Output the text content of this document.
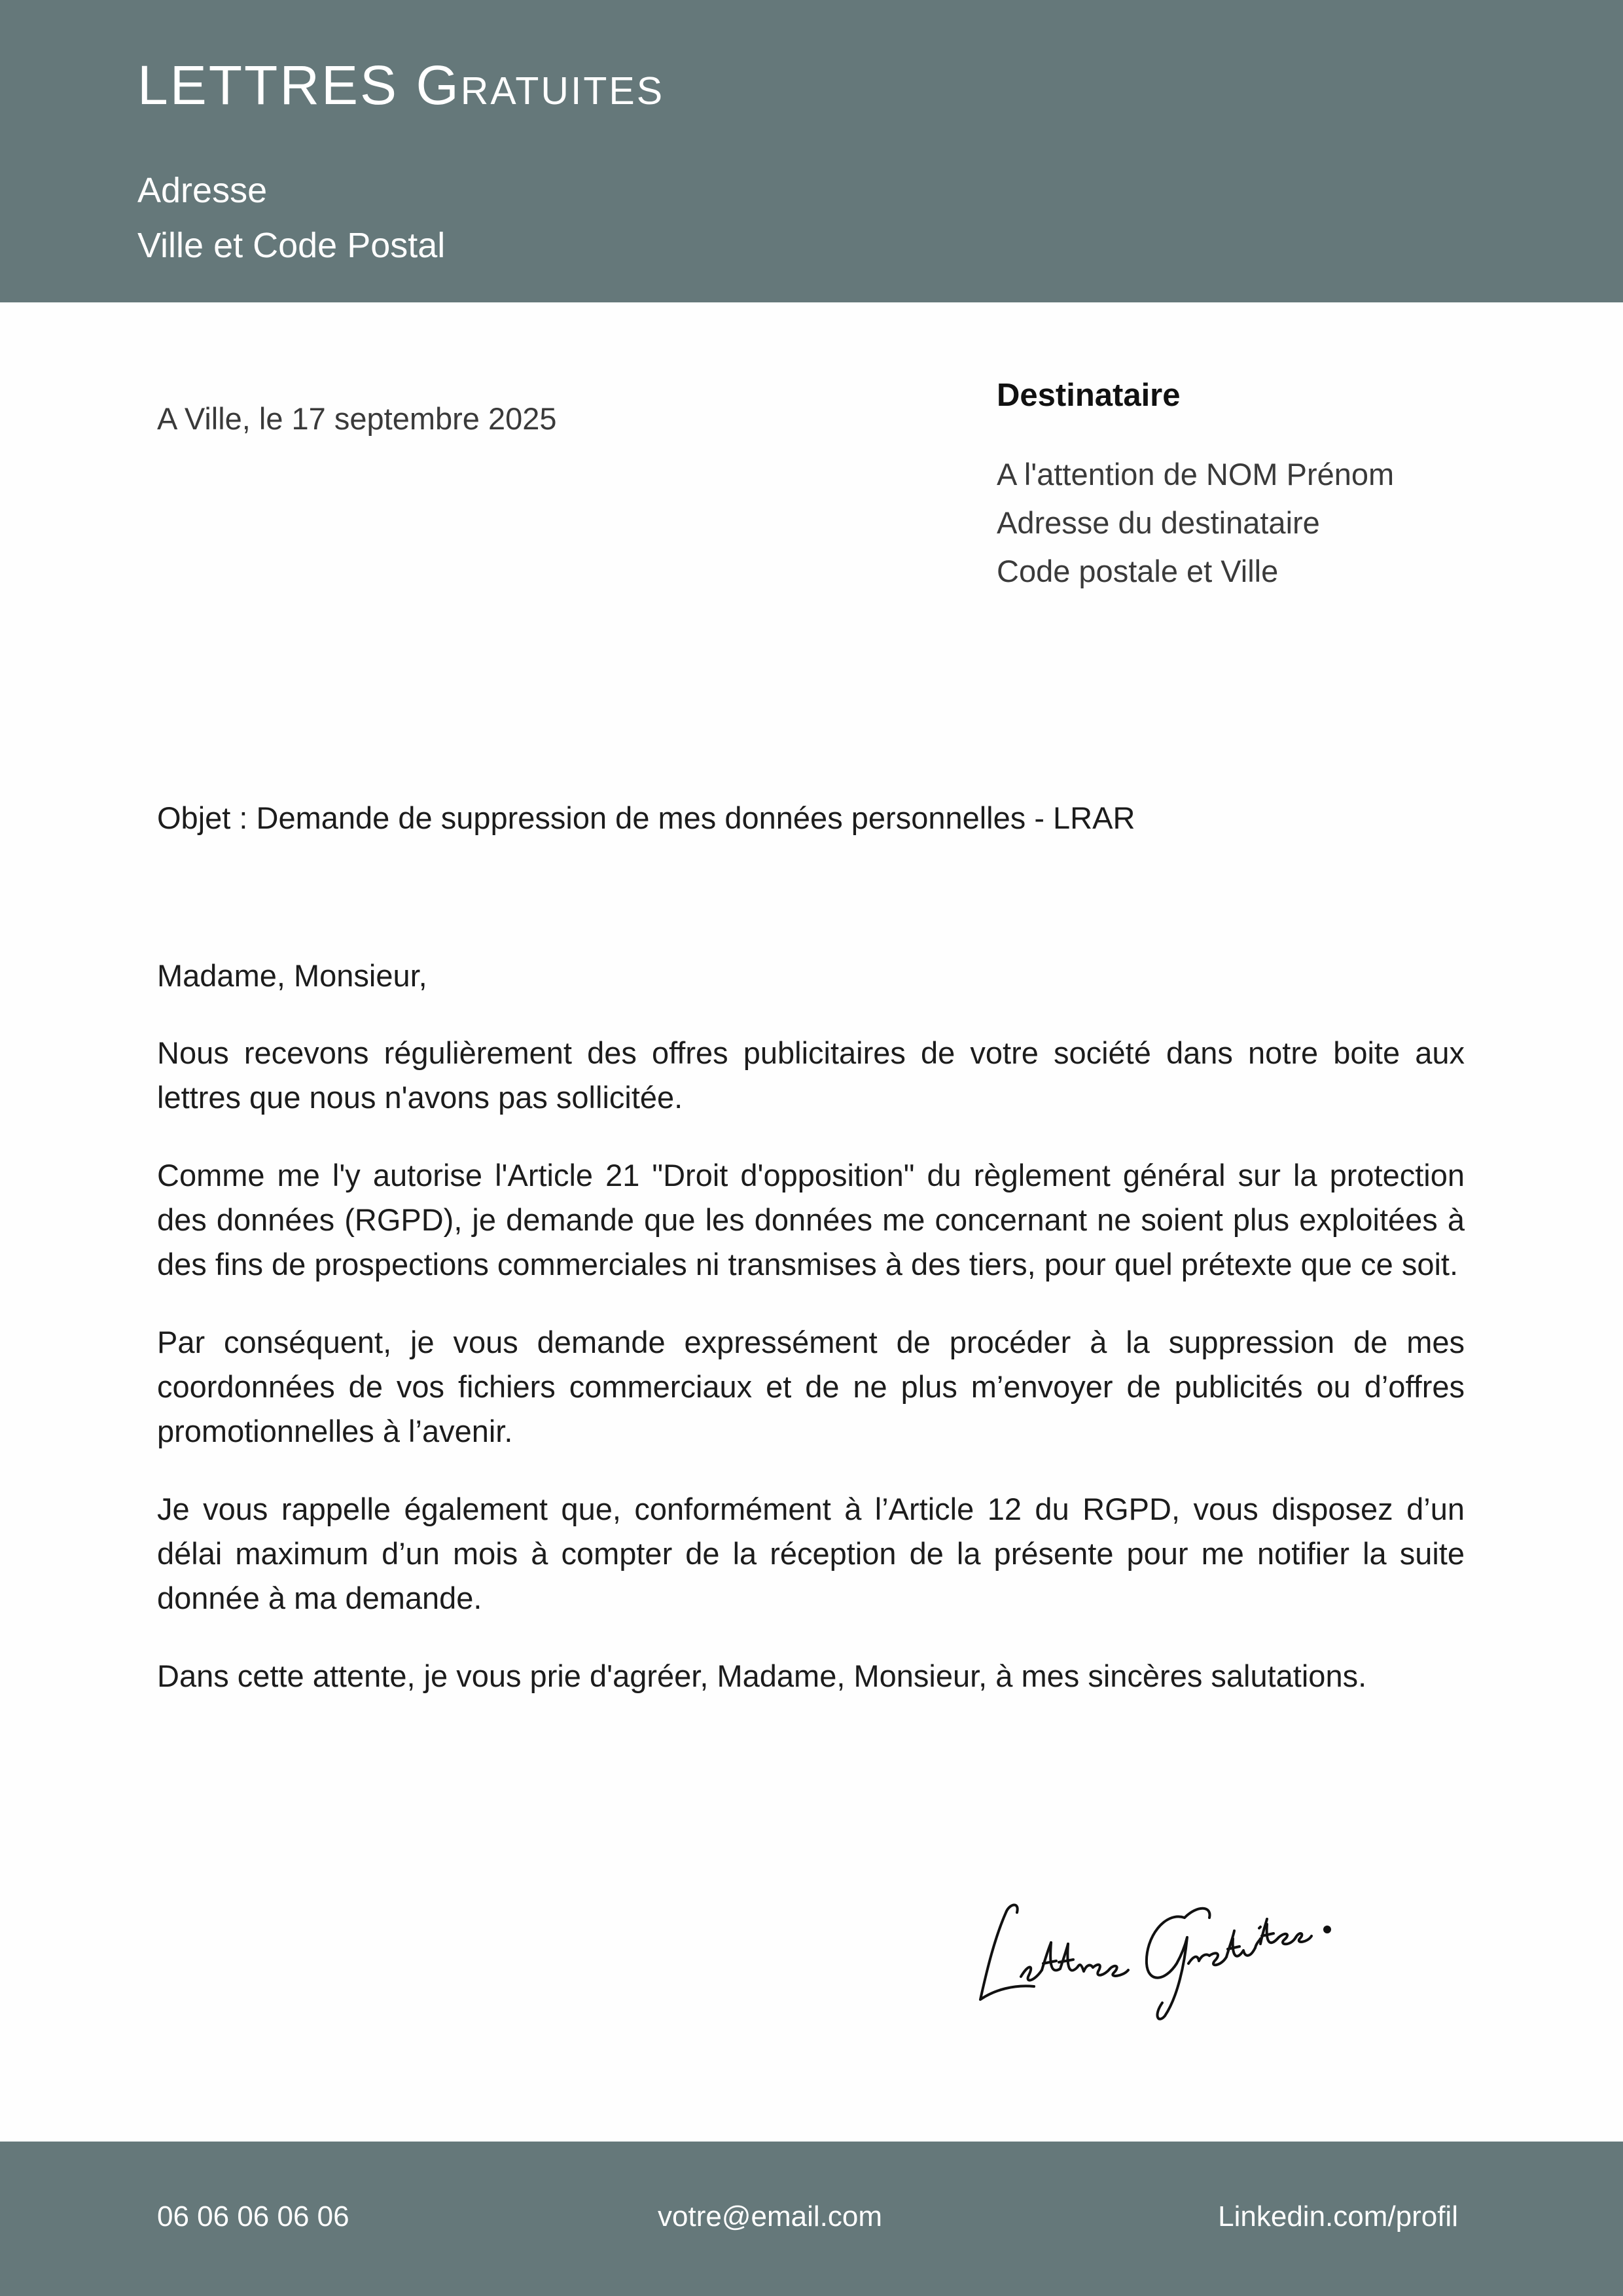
LETTRES Gratuites
Adresse
Ville et Code Postal
A Ville, le 17 septembre 2025
Destinataire
A l'attention de NOM Prénom
Adresse du destinataire
Code postale et Ville
Objet : Demande de suppression de mes données personnelles - LRAR
Madame, Monsieur,

Nous recevons régulièrement des offres publicitaires de votre société dans notre boite aux lettres que nous n'avons pas sollicitée.

Comme me l'y autorise l'Article 21 "Droit d'opposition" du règlement général sur la protection des données (RGPD), je demande que les données me concernant ne soient plus exploitées à des fins de prospections commerciales ni transmises à des tiers, pour quel prétexte que ce soit.

Par conséquent, je vous demande expressément de procéder à la suppression de mes coordonnées de vos fichiers commerciaux et de ne plus m’envoyer de publicités ou d’offres promotionnelles à l’avenir.

Je vous rappelle également que, conformément à l’Article 12 du RGPD, vous disposez d’un délai maximum d’un mois à compter de la réception de la présente pour me notifier la suite donnée à ma demande.

Dans cette attente, je vous prie d'agréer, Madame, Monsieur, à mes sincères salutations.

06 06 06 06 06	votre@email.com	Linkedin.com/profil
